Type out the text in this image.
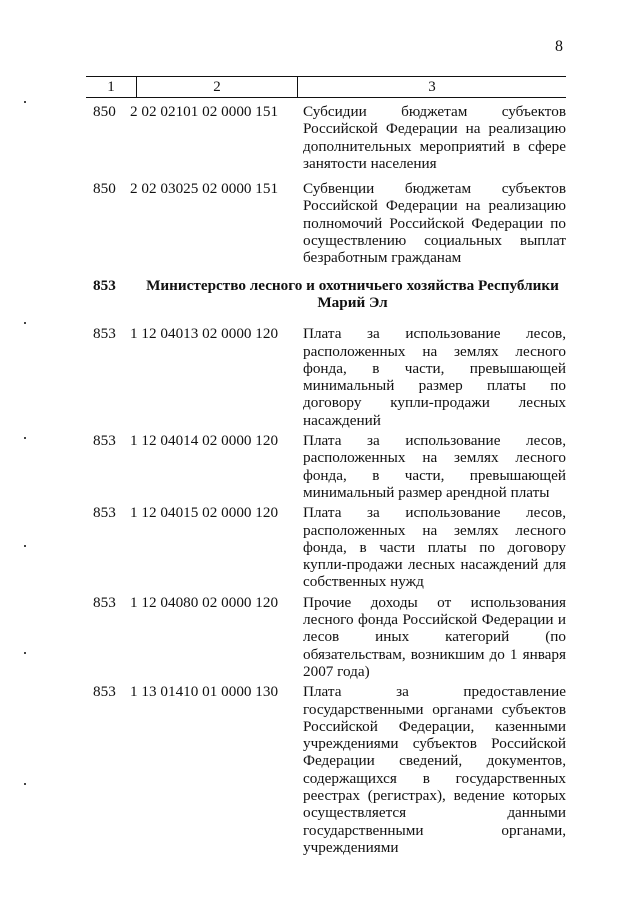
8
1	2	3
850 2 02 02101 02 0000 151	Субсидии бюджетам субъектов Российской Федерации на реализацию дополнительных мероприятий в сфере занятости населения
850 2 02 03025 02 0000 151	Субвенции бюджетам субъектов Российской Федерации на реализацию полномочий Российской Федерации по осуществлению социальных выплат безработным гражданам
853	Министерство лесного и охотничьего хозяйства Республики Марий Эл
853 1 12 04013 02 0000 120	Плата за использование лесов, расположенных на землях лесного фонда, в части, превышающей минимальный размер платы по договору купли-продажи лесных насаждений
853 1 12 04014 02 0000 120	Плата за использование лесов, расположенных на землях лесного фонда, в части, превышающей минимальный размер арендной платы
853 1 12 04015 02 0000 120	Плата за использование лесов, расположенных на землях лесного фонда, в части платы по договору купли-продажи лесных насаждений для собственных нужд
853 1 12 04080 02 0000 120	Прочие доходы от использования лесного фонда Российской Федерации и лесов иных категорий (по обязательствам, возникшим до 1 января 2007 года)
853 1 13 01410 01 0000 130	Плата за предоставление государственными органами субъектов Российской Федерации, казенными учреждениями субъектов Российской Федерации сведений, документов, содержащихся в государственных реестрах (регистрах), ведение которых осуществляется данными государственными органами, учреждениями
